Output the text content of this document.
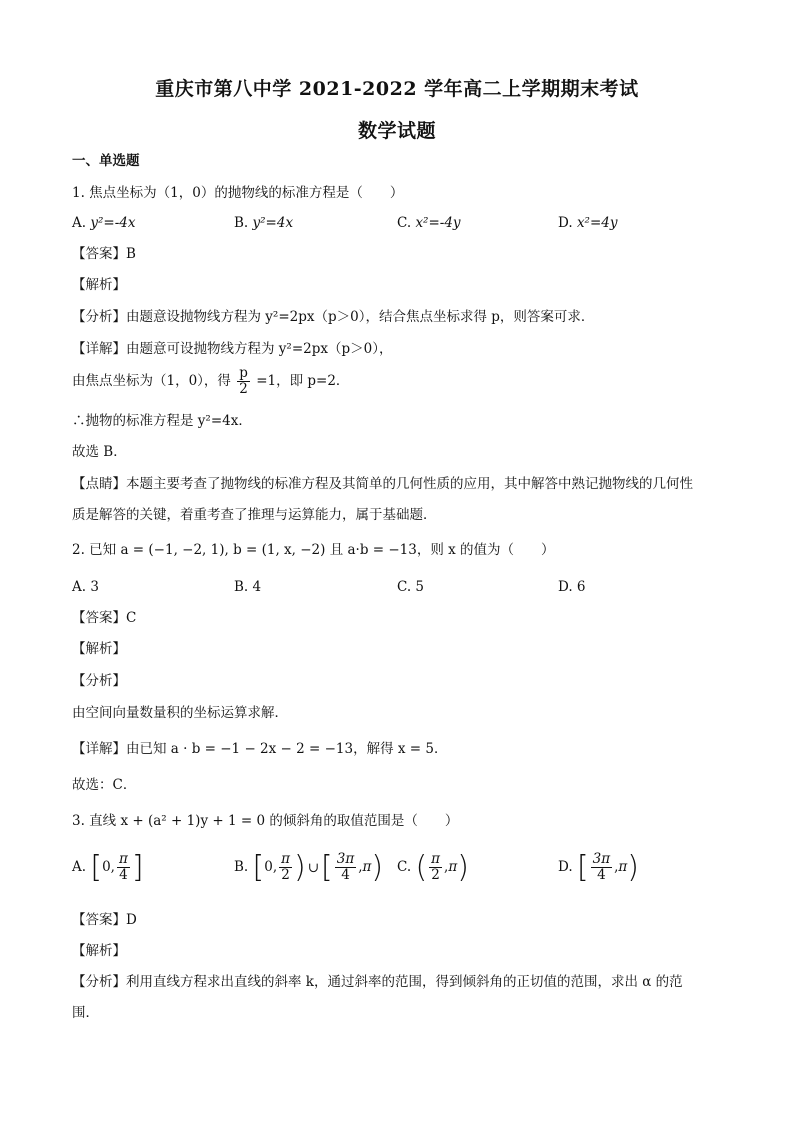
重庆市第八中学 2021-2022 学年高二上学期期末考试
数学试题
一、单选题
1. 焦点坐标为（1，0）的抛物线的标准方程是（　　）
A. y²=-4x	B. y²=4x	C. x²=-4y	D. x²=4y
【答案】B
【解析】
【分析】由题意设抛物线方程为 y²=2px（p＞0），结合焦点坐标求得 p，则答案可求．
【详解】由题意可设抛物线方程为 y²=2px（p＞0），
由焦点坐标为（1，0），得 $\frac{p}{2} =1$，即 p=2．
∴抛物的标准方程是 y²=4x．
故选 B．
【点睛】本题主要考查了抛物线的标准方程及其简单的几何性质的应用，其中解答中熟记抛物线的几何性
质是解答的关键，着重考查了推理与运算能力，属于基础题．
2. 已知 a = (−1, −2, 1), b = (1, x, −2) 且 a·b = −13，则 x 的值为（　　）
A. 3	B. 4	C. 5	D. 6
【答案】C
【解析】
【分析】
由空间向量数量积的坐标运算求解．
【详解】由已知 a · b = −1 − 2x − 2 = −13，解得 x = 5．
故选：C．
3. 直线 x + (a² + 1)y + 1 = 0 的倾斜角的取值范围是（　　）
A. [0, $\frac{\pi}{4}$ ]	B. [0, $\frac{\pi}{2}$ ) ∪[ $\frac{3\pi}{4} ,\pi$) C. ( $\frac{\pi}{2} ,\pi$)	D. [ $\frac{3\pi}{4} ,\pi$)
【答案】D
【解析】
【分析】利用直线方程求出直线的斜率 k，通过斜率的范围，得到倾斜角的正切值的范围，求出 α 的范
围．
